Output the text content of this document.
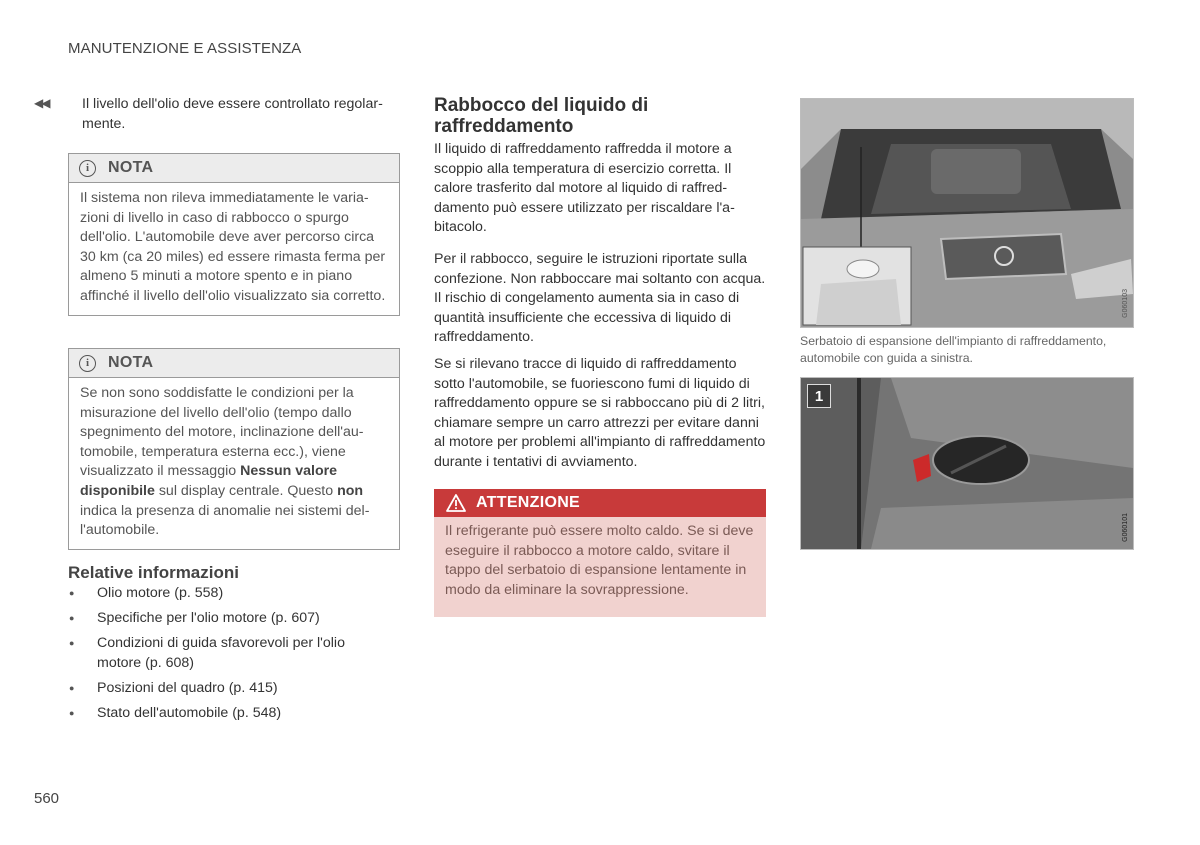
MANUTENZIONE E ASSISTENZA
◀◀ Il livello dell'olio deve essere controllato regolarmente.

i	NOTA

Il sistema non rileva immediatamente le variazioni di livello in caso di rabbocco o spurgo dell'olio. L'automobile deve aver percorso circa 30 km (ca 20 miles) ed essere rimasta ferma per almeno 5 minuti a motore spento e in piano affinché il livello dell'olio visualizzato sia corretto.

i	NOTA

Se non sono soddisfatte le condizioni per la misurazione del livello dell'olio (tempo dallo spegnimento del motore, inclinazione dell'automobile, temperatura esterna ecc.), viene visualizzato il messaggio Nessun valore disponibile sul display centrale. Questo non indica la presenza di anomalie nei sistemi dell'automobile.

Relative informazioni
● Olio motore (p. 558)
● Specifiche per l'olio motore (p. 607)
● Condizioni di guida sfavorevoli per l'olio motore (p. 608)
● Posizioni del quadro (p. 415)
● Stato dell'automobile (p. 548)
Rabbocco del liquido di raffreddamento

Il liquido di raffreddamento raffredda il motore a scoppio alla temperatura di esercizio corretta. Il calore trasferito dal motore al liquido di raffreddamento può essere utilizzato per riscaldare l'abitacolo.

Per il rabbocco, seguire le istruzioni riportate sulla confezione. Non rabboccare mai soltanto con acqua. Il rischio di congelamento aumenta sia in caso di quantità insufficiente che eccessiva di liquido di raffreddamento.

Se si rilevano tracce di liquido di raffreddamento sotto l'automobile, se fuoriescono fumi di liquido di raffreddamento oppure se si rabboccano più di 2 litri, chiamare sempre un carro attrezzi per evitare danni al motore per problemi all'impianto di raffreddamento durante i tentativi di avviamento.

ATTENZIONE

Il refrigerante può essere molto caldo. Se si deve eseguire il rabbocco a motore caldo, svitare il tappo del serbatoio di espansione lentamente in modo da eliminare la sovrappressione.

G060103
Serbatoio di espansione dell'impianto di raffreddamento, automobile con guida a sinistra.
1
G060101
560
